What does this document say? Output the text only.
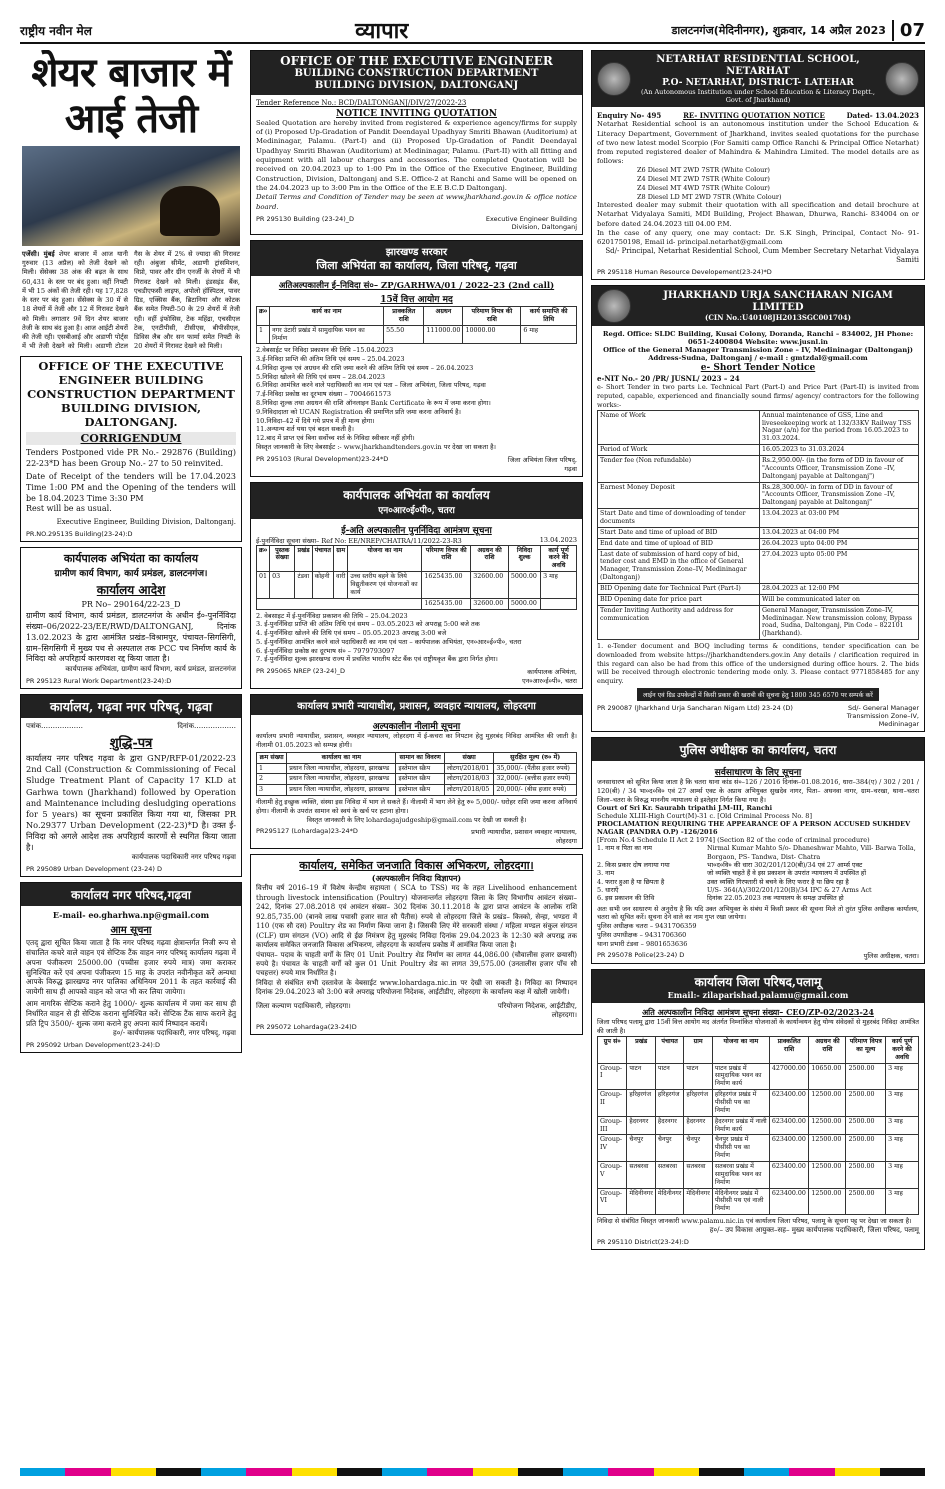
राष्ट्रीय नवीन मेल	व्यापार	डालटनगंज(मेदिनीनगर), शुक्रवार, 14 अप्रैल 2023 07
शेयर बाजार में आई तेजी
एजेंसी। मुंबई शेयर बाजार में आज यानी गुरुवार (13 अप्रैल) को तेजी देखने को मिली। सेंसेक्स 38 अंक की बढ़त के साथ 60,431 के स्तर पर बंद हुआ। वहीं निफ्टी में भी 15 अंकों की तेजी रही। यह 17,828 के स्तर पर बंद हुआ। सेंसेक्स के 30 में से 18 शेयरों में तेजी और 12 में गिरावट देखने को मिली। लगातार 9वें दिन शेयर बाजार तेजी के साथ बंद हुआ है। आज आईटी शेयरों की तेजी रही। एसबीआई और अडाणी पोर्ट्स में भी तेजी देखने को मिली। अडाणी टोटल गैस के शेयर में 2% से ज्यादा की गिरावट रही। अंबुजा सीमेंट, अडाणी ट्रांसमिशन, विप्रो, पावर और ग्रीन एनर्जी के शेयरों में भी गिरावट देखने को मिली। इंडसइंड बैंक, एचडीएफसी लाइफ, अपोलो हॉस्पिटल, पावर ग्रिड, एक्सिस बैंक, ब्रिटानिया और कोटक बैंक समेत निफ्टी-50 के 29 शेयरों में तेजी रही। वहीं इंफोसिस, टेक महिंद्रा, एचसीएल टेक, एनटीपीसी, टीसीएस, बीपीसीएल, डिविस लैब और सन फार्मा समेत निफ्टी के 20 शेयरों में गिरावट देखने को मिली।
OFFICE OF THE EXECUTIVE ENGINEER BUILDING CONSTRUCTION DEPARTMENT BUILDING DIVISION, DALTONGANJ.
CORRIGENDUM
Tenders Postponed vide PR No.- 292876 (Building) 22-23*D has been Group No.- 27 to 50 reinvited.
Date of Receipt of the tenders will be 17.04.2023 Time 1:00 PM and the Opening of the tenders will be 18.04.2023 Time 3:30 PM
Rest will be as usual.
Executive Engineer, Building Division, Daltonganj.
PR.NO.295135 Building(23-24):D
कार्यपालक अभियंता का कार्यालय
ग्रामीण कार्य विभाग, कार्य प्रमंडल, डालटनगंज।
कार्यालय आदेश
PR No– 290164/22-23_D
ग्रामीण कार्य विभाग, कार्य प्रमंडल, डालटनगंज के अधीन ई०-पुनर्निविदा संख्या–06/2022-23/EE/RWD/DALTONGANJ, दिनांक 13.02.2023 के द्वारा आमंत्रित प्रखंड–विश्रामपुर, पंचायत–सिगसिगी, ग्राम–सिगसिगी में मुख्य पथ से अस्पताल तक PCC पथ निर्माण कार्य के निविदा को अपरिहार्य कारणवश रद्द किया जाता है।
कार्यपालक अभियंता, ग्रामीण कार्य विभाग, कार्य प्रमंडल, डालटनगंज
PR 295123 Rural Work Department(23-24):D
कार्यालय, गढ़वा नगर परिषद्, गढ़वा
पत्रांक………………	दिनांक………………
शुद्धि-पत्र
कार्यालय नगर परिषद गढ़वा के द्वारा GNP/RFP-01/2022-23 2nd Call (Construction & Commissioning of Fecal Sludge Treatment Plant of Capacity 17 KLD at Garhwa town (Jharkhand) followed by Operation and Maintenance including desludging operations for 5 years) का सूचना प्रकाशित किया गया था, जिसका PR No.29377 Urban Development (22-23)*D है। उक्त ई-निविदा को अगले आदेश तक अपरिहार्य कारणों से स्थगित किया जाता है।
कार्यपालक पदाधिकारी नगर परिषद गढ़वा
PR 295089 Urban Development (23-24) D
कार्यालय नगर परिषद,गढ़वा
E-mail- eo.gharhwa.np@gmail.com
आम सूचना
एतद् द्वारा सूचित किया जाता है कि नगर परिषद गढ़वा क्षेत्रान्तर्गत निजी रूप से संचालित कचरे वाले वाहन एवं सेप्टिक टैंक वाहन नगर परिषद् कार्यालय गढ़वा में अपना पंजीकरण 25000.00 (पच्चीस हजार रुपये मात्र) जमा कराकर सुनिश्चित करें एवं अपना पंजीकरण 15 माह के उपरांत नवीनीकृत करें अन्यथा आपके विरुद्ध झारखण्ड नगर पालिका अधिनियम 2011 के तहत कार्रवाई की जायेगी साथ ही आपको वाहन को जप्त भी कर लिया जायेगा।
आम नागरिक सेप्टिक कराने हेतु 1000/- शुल्क कार्यालय में जमा कर साथ ही निर्धारित वाहन से ही सेप्टिक कराना सुनिश्चित करें। सेप्टिक टैंक साफ कराने हेतु प्रति ट्रिप 3500/- शुल्क जमा कराने हुए अपना कार्य निष्पादन करायें।
ह०/- कार्यपालक पदाधिकारी, नगर परिषद्, गढ़वा
PR 295092 Urban Development(23-24):D
OFFICE OF THE EXECUTIVE ENGINEER
BUILDING CONSTRUCTION DEPARTMENT
BUILDING DIVISION, DALTONGANJ
Tender Reference No.: BCD/DALTONGANJ/DIV/27/2022-23
NOTICE INVITING QUOTATION
Sealed Quotation are hereby invited from registered & experience agency/firms for supply of (i) Proposed Up-Gradation of Pandit Deendayal Upadhyay Smriti Bhawan (Auditorium) at Medininagar, Palamu. (Part-I) and (ii) Proposed Up-Gradation of Pandit Deendayal Upadhyay Smriti Bhawan (Auditorium) at Medininagar, Palamu. (Part-II) with all fitting and equipment with all labour charges and accessories. The completed Quotation will be received on 20.04.2023 up to 1:00 Pm in the Office of the Executive Engineer, Building Construction, Division, Daltonganj and S.E. Office-2 at Ranchi and Same will be opened on the 24.04.2023 up to 3:00 Pm in the Office of the E.E B.C.D Daltonganj.
Detail Terms and Condition of Tender may be seen at www.jharkhand.gov.in & office notice board.
PR 295130 Building (23-24)_D	Executive Engineer Building Division, Daltonganj
झारखण्ड सरकार
जिला अभियंता का कार्यालय, जिला परिषद्, गढ़वा
अतिअल्पकालीन ई–निविदा सं०– ZP/GARHWA/01 / 2022–23 (2nd call)
15वें वित्त आयोग मद
क्र०	कार्य का नाम	प्राक्कलित राशि	अग्रधन	परिमाण विपत्र की राशि	कार्य समाप्ति की तिथि
1	नगर उंटारी प्रखंड में सामुदायिक भवन का निर्माण	55.50	111000.00	10000.00	6 माह
2.वेबसाईट पर निविदा प्रकाशन की तिथि –15.04.2023
3.ई-निविदा प्राप्ति की अंतिम तिथि एवं समय – 25.04.2023
4.निविदा शुल्क एवं अग्रधन की राशि जमा करने की अंतिम तिथि एवं समय – 26.04.2023
5.निविदा खोलने की तिथि एवं समय – 28.04.2023
6.निविदा आमंत्रित करने वाले पदाधिकारी का नाम एवं पता – जिला अभियंता, जिला परिषद, गढ़वा
7.ई-निविदा प्रकोष्ठ का दूरभाष संख्या – 7004661573
8.निविदा शुल्क तथा अग्रधन की राशि ऑनलाइन Bank Certificate के रूप में जमा करना होगा।
9.निविदादाता को UCAN Registration की प्रमाणित प्रति जमा करना अनिवार्य है।
10.निविदा–42 में दिये गये प्रपत्र में ही मान्य होगा।
11.अन्यान्य शर्त यथा एवं बदल सकती है।
12.बाद में प्राप्त एवं बिना सर्वोच्च शर्त के निविदा स्वीकार नहीं होगी।
विस्तृत जानकारी के लिए वेबसाईट :- www.jharkhandtenders.gov.in पर देखा जा सकता है।
PR 295103 (Rural Development)23-24*D	जिला अभियंता जिला परिषद्, गढ़वा
कार्यपालक अभियंता का कार्यालय
एन०आर०ई०पी०, चतरा
ई-अति अल्पकालीन पुनर्निविदा आमंत्रण सूचना
ई-पुनर्निविदा सूचना संख्या– Ref No: EE/NREP/CHATRA/11/2022-23-R3	13.04.2023
क्र०	पुस्तक संख्या	प्रखंड	पंचायत	ग्राम	योजना का नाम	परिमाण विपत्र की राशि	अग्रधन की राशि	निविदा शुल्क	कार्य पूर्ण करने की अवधि
01	03	टंडवा	कोहनी	वारी	उच्च स्तरीय बहने के लिये विद्युतीकरण एवं योजनाओं का कार्य	1625435.00	32600.00	5000.00	3 माह
						1625435.00	32600.00	5000.00	
2. वेबसाइट में ई-पुनर्निविदा प्रकाशन की तिथि – 25.04.2023
3. ई-पुनर्निविदा प्राप्ति की अंतिम तिथि एवं समय – 03.05.2023 को अपराह्न 5:00 बजे तक
4. ई-पुनर्निविदा खोलने की तिथि एवं समय – 05.05.2023 अपराह्न 3:00 बजे
5. ई-पुनर्निविदा आमंत्रित करने वाले पदाधिकारी का नाम एवं पता – कार्यपालक अभियंता, एन०आर०ई०पी०, चतरा
6. ई-पुनर्निविदा प्रकोष्ठ का दूरभाष सं० – 7979793097
7. ई-पुनर्निविदा शुल्क झारखण्ड राज्य में प्रचलित भारतीय स्टेट बैंक एवं राष्ट्रीयकृत बैंक द्वारा निर्गत होगा।
PR 295065 NREP (23-24)_D	कार्यपालक अभियंता, एन०आर०ई०पी०, चतरा
कार्यालय प्रभारी न्यायाधीश, प्रशासन, व्यवहार न्यायालय, लोहरदगा
अल्पकालीन नीलामी सूचना
कार्यालय प्रभारी न्यायाधीश, प्रशासन, व्यवहार न्यायालय, लोहरदगा में ई-कचरा का निपटान हेतु मुहरबंद निविदा आमंत्रित की जाती है। नीलामी 01.05.2023 को सम्पन्न होगी।
क्रम संख्या	कार्यालय का नाम	सामान का विवरण	संख्या	सुरक्षित मूल्य (रु० में)
1	प्रधान जिला न्यायाधीश, लोहरदगा, झारखण्ड	इस्तेमाल स्क्रैप	लोटगा/2018/01	35,000/- (पैंतीस हजार रुपये)
2	प्रधान जिला न्यायाधीश, लोहरदगा, झारखण्ड	इस्तेमाल स्क्रैप	लोटगा/2018/03	32,000/- (बत्तीस हजार रुपये)
3	प्रधान जिला न्यायाधीश, लोहरदगा, झारखण्ड	इस्तेमाल स्क्रैप	लोटगा/2018/05	20,000/- (बीस हजार रुपये)
नीलामी हेतु इच्छुक व्यक्ति, संस्था इस निविदा में भाग ले सकते हैं। नीलामी में भाग लेने हेतु रु० 5,000/- धरोहर राशि जमा करना अनिवार्य होगा। नीलामी के उपरांत सामान को स्वयं के खर्च पर हटाना होगा।
विस्तृत जानकारी के लिए lohardagajudgeship@gmail.com पर देखी जा सकती है।
PR295127 (Lohardaga)23-24*D	प्रभारी न्यायाधीश, प्रशासन व्यवहार न्यायालय, लोहरदगा
कार्यालय, समेकित जनजाति विकास अभिकरण, लोहरदगा।
(अल्पकालीन निविदा विज्ञापन)
वित्तीय वर्ष 2016–19 में विशेष केन्द्रीय सहायता ( SCA to TSS) मद के तहत Livelihood enhancement through livestock intensification (Poultry) योजनान्तर्गत लोहरदगा जिला के लिए विभागीय आवंटन संख्या– 242, दिनांक 27.08.2018 एवं आवंटन संख्या– 302 दिनांक 30.11.2018 के द्वारा प्राप्त आवंटन के आलोक राशि 92.85,735.00 (बानवे लाख पचासी हजार सात सौ पैंतीस) रुपये से लोहरदगा जिले के प्रखंड– किस्को, सेन्हा, भण्डरा में 110 (एक सौ दस) Poultry शेड का निर्माण किया जाना है। जिसकी लिए मेरे सरकारी संस्था / महिला मण्डल संकुल संगठन (CLF) ग्राम संगठन (VO) आदि से ईछ निमंत्रण हेतु मुहरबंद निविदा दिनांक 29.04.2023 के 12:30 बजे अपराह्न तक कार्यालय समेकित जनजाति विकास अभिकरण, लोहरदगा के कार्यालय प्रकोष्ठ में आमंत्रित किया जाता है।
पंचायत– पदाव के चाहती वर्गों के लिए 01 Unit Poultry शेड निर्माण का लागत 44,086.00 (चौवालीस हजार छयासी) रुपये है। पंचायत के चाहती वर्गों को कुल 01 Unit Poultry शेड का लागत 39,575.00 (उनतालीस हजार पाँच सौ पचहत्तर) रुपये मात्र निर्धारित है।
निविदा से संबंधित सभी दस्तावेज के वेबसाईट www.lohardaga.nic.in पर देखी जा सकती है। निविदा का निष्पादन दिनांक 29.04.2023 को 3:00 बजे अपराह्न परियोजना निदेशक, आईटीडीए, लोहरदगा के कार्यालय कक्ष में खोली जायेगी।
जिला कल्याण पदाधिकारी, लोहरदगा।	परियोजना निदेशक, आईटीडीए, लोहरदगा।
PR 295072 Lohardaga(23-24)D
NETARHAT RESIDENTIAL SCHOOL, NETARHAT
P.O- NETARHAT, DISTRICT- LATEHAR
(An Autonomous Institution under School Education & Literacy Deptt., Govt. of Jharkhand)
Enquiry No- 495	RE- INVITING QUOTATION NOTICE	Dated- 13.04.2023
Netarhat Residential school is an autonomous institution under the School Education & Literacy Department, Government of Jharkhand, invites sealed quotations for the purchase of two new latest model Scorpio (For Samiti camp Office Ranchi & Principal Office Netarhat) from reputed registered dealer of Mahindra & Mahindra Limited. The model details are as follows:
Z6 Diesel MT 2WD 7STR (White Colour)
Z4 Diesel MT 2WD 7STR (White Colour)
Z4 Diesel MT 4WD 7STR (White Colour)
Z8 Diesel LD MT 2WD 7STR (White Colour)
Interested dealer may submit their quotation with all specification and detail brochure at Netarhat Vidyalaya Samiti, MDI Building, Project Bhawan, Dhurwa, Ranchi- 834004 on or before dated 24.04.2023 till 04.00 P.M.
In the case of any query, one may contact: Dr. S.K Singh, Principal, Contact No- 91-6201750198, Email id- principal.netarhat@gmail.com
Sd/- Principal, Netarhat Residential School, Cum Member Secretary Netarhat Vidyalaya Samiti
PR 295118 Human Resource Developement(23-24)*D
JHARKHAND URJA SANCHARAN NIGAM LIMITED
(CIN No.:U40108JH2013SGC001704)
Regd. Office: SLDC Building, Kusai Colony, Doranda, Ranchi – 834002, JH Phone: 0651-2400804 Website: www.jusnl.in
Office of the General Manager Transmission Zone – IV, Medininagar (Daltonganj)
Address-Sudna, Daltonganj / e-mail : gmtzdal@gmail.com
e- Short Tender Notice
e-NIT No.- 20 /PR/ JUSNL/ 2023 – 24
e- Short Tender in two parts i.e. Technical Part (Part-I) and Price Part (Part-II) is invited from reputed, capable, experienced and financially sound firms/ agency/ contractors for the following works:-
Name of Work	Annual maintenance of GSS, Line and liveseekeeping work at 132/33KV Railway TSS Nagar (a/n) for the period from 16.05.2023 to 31.03.2024.
Period of Work	16.05.2023 to 31.03.2024
Tender fee (Non refundable)	Rs.2,950.00/- (in the form of DD in favour of "Accounts Officer, Transmission Zone –IV, Daltonganj payable at Daltonganj")
Earnest Money Deposit	Rs.28,300.00/- in form of DD in favour of "Accounts Officer, Transmission Zone –IV, Daltonganj payable at Daltonganj"
Start Date and time of downloading of tender documents	13.04.2023 at 03:00 PM
Start Date and time of upload of BID	13.04.2023 at 04:00 PM
End date and time of upload of BID	26.04.2023 upto 04:00 PM
Last date of submission of hard copy of bid, tender cost and EMD in the office of General Manager, Transmission Zone–IV, Medininagar (Daltonganj)	27.04.2023 upto 05:00 PM
BID Opening date for Technical Part (Part-I)	28.04.2023 at 12:00 PM
BID Opening date for price part	Will be communicated later on
Tender Inviting Authority and address for communication	General Manager, Transmission Zone–IV, Medininagar. New transmission colony, Bypass road, Sudna, Daltonganj, Pin Code – 822101 (Jharkhand).
1. e-Tender document and BOQ including terms & conditions, tender specification can be downloaded from website https://jharkhandtenders.gov.in Any details / clarification required in this regard can also be had from this office of the undersigned during office hours. 2. The bids will be received through electronic tendering mode only. 3. Please contact 9771858485 for any enquiry.
लाईन एवं ग्रिड उपकेन्द्रों में किसी प्रकार की खराबी की सूचना हेतु 1800 345 6570 पर सम्पर्क करें
PR 290087 (Jharkhand Urja Sancharan Nigam Ltd) 23-24 (D)	Sd/- General Manager Transmission Zone–IV, Medininagar
पुलिस अधीक्षक का कार्यालय, चतरा
सर्वसाधारण के लिए सूचना
जनसाधारण को सूचित किया जाता है कि चतरा थाना कांड सं०–126 / 2016 दिनांक–01.08.2016, धारा–384(ए) / 302 / 201 / 120(बी) / 34 भा०द०वि० एवं 27 आर्म्स एक्ट के अप्राथ अभियुक्त सुखदेव नागर, पिता– अघनवा नागर, ग्राम–चरखा, थाना–चतरा जिला–चतरा के विरुद्ध माननीय न्यायालय से इश्तेहार निर्गत किया गया है।
Court of Sri Kr. Saurabh tripathi J.M-III, Ranchi
Schedule XLIII-High Court(M)-31 c. [Old Criminal Process No. 8]
PROCLAMATION REQUIRING THE APPEARANCE OF A PERSON ACCUSED SUKHDEV NAGAR (PANDRA O.P) -126/2016
[From No.4 Schedule II Act 2 1974] (Section 82 of the code of criminal procedure)
1. नाम व पिता का नाम	Nirmal Kumar Mahto S/o- Dhaneshwar Mahto, Vill- Barwa Tolla, Borgaon, PS- Tandwa, Dist- Chatra
2. किस प्रकार दोष लगाया गया	भा०द०वि० की धारा 302/201/120(बी)/34 एवं 27 आर्म्स एक्ट
3. नाम	जो व्यक्ति चाहते हैं वे इस प्रकाशन के उपरांत न्यायालय में उपस्थित हों
4. फरार हुआ है या छिपता है	उक्त व्यक्ति गिरफ्तारी से बचने के लिए फरार है या छिप रहा है
5. धाराएँ	U/S- 364(A)/302/201/120(B)/34 IPC & 27 Arms Act
6. इस प्रकाशन की तिथि	दिनांक 22.05.2023 तक न्यायालय के समक्ष उपस्थित हो
अतः सभी जन साधारण से अनुरोध है कि यदि उक्त अभियुक्त के संबंध में किसी प्रकार की सूचना मिले तो तुरंत पुलिस अधीक्षक कार्यालय, चतरा को सूचित करें। सूचना देने वाले का नाम गुप्त रखा जायेगा।
पुलिस अधीक्षक चतरा – 9431706359
पुलिस उपाधीक्षक – 9431706360
थाना प्रभारी टंडवा – 9801653636
PR 295078 Police(23-24) D	पुलिस अधीक्षक, चतरा।
कार्यालय जिला परिषद,पलामू
Email:- zilaparishad.palamu@gmail.com
अति अल्पकालीन निविदा आमंत्रण सूचना संख्या– CEO/ZP-02/2023-24
जिला परिषद पलामू द्वारा 15वीं वित्त आयोग मद अंतर्गत निम्नांकित योजनाओं के कार्यान्वयन हेतु योग्य संवेदकों से मुहरबंद निविदा आमंत्रित की जाती है।
ग्रुप सं०	प्रखंड	पंचायत	ग्राम	योजना का नाम	प्राक्कलित राशि	अग्रधन की राशि	परिमाण विपत्र का मूल्य	कार्य पूर्ण करने की अवधि
Group-I	पाटन	पाटन	पाटन	पाटन प्रखंड में सामुदायिक भवन का निर्माण कार्य	427000.00	10650.00	2500.00	3 माह
Group-II	हरिहरगंज	हरिहरगंज	हरिहरगंज	हरिहरगंज प्रखंड में पीसीसी पथ का निर्माण	623400.00	12500.00	2500.00	3 माह
Group-III	हैदरनगर	हैदरनगर	हैदरनगर	हैदरनगर प्रखंड में नाली निर्माण कार्य	623400.00	12500.00	2500.00	3 माह
Group-IV	चैनपुर	चैनपुर	चैनपुर	चैनपुर प्रखंड में पीसीसी पथ का निर्माण	623400.00	12500.00	2500.00	3 माह
Group-V	सतबरवा	सतबरवा	सतबरवा	सतबरवा प्रखंड में सामुदायिक भवन का निर्माण	623400.00	12500.00	2500.00	3 माह
Group-VI	मेदिनीनगर	मेदिनीनगर	मेदिनीनगर	मेदिनीनगर प्रखंड में पीसीसी पथ एवं नाली निर्माण	623400.00	12500.00	2500.00	3 माह
निविदा से संबंधित विस्तृत जानकारी www.palamu.nic.in एवं कार्यालय जिला परिषद, पलामू के सूचना पट्ट पर देखा जा सकता है।
ह०/– उप विकास आयुक्त–सह– मुख्य कार्यपालक पदाधिकारी, जिला परिषद, पलामू
PR 295110 District(23-24):D
